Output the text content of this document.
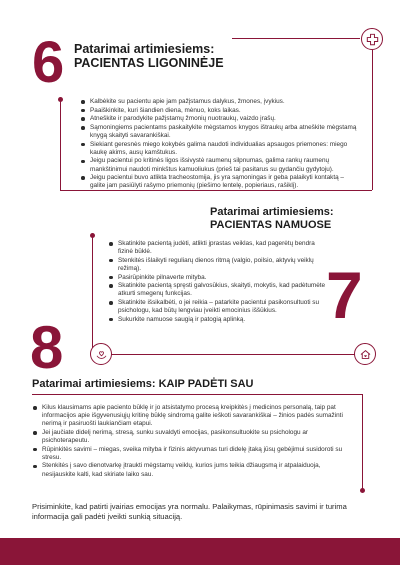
6 Patarimai artimiesiems:
PACIENTAS LIGONINĖJE
Kalbėkite su pacientu apie jam pažįstamus dalykus, žmones, įvykius.
Paaiškinkite, kuri šiandien diena, mėnuo, koks laikas.
Atneškite ir parodykite pažįstamų žmonių nuotraukų, vaizdo įrašų.
Sąmoningiems pacientams paskaitykite mėgstamos knygos ištraukų arba atneškite mėgstamą knygą skaityti savarankiškai.
Siekiant geresnės miego kokybės galima naudoti individualias apsaugos priemones: miego kaukę akims, ausų kamštukus.
Jeigu pacientui po kritinės ligos išsivystė raumenų silpnumas, galima rankų raumenų mankštinimui naudoti minkštus kamuoliukus (prieš tai pasitarus su gydančiu gydytoju).
Jeigu pacientui buvo atlikta tracheostomija, jis yra sąmoningas ir geba palaikyti kontaktą – galite jam pasiūlyti rašymo priemonių (piešimo lentelę, popieriaus, rašiklį).
Patarimai artimiesiems:
PACIENTAS NAMUOSE
7
Skatinkite pacientą judėti, atlikti įprastas veiklas, kad pagerėtų bendra fizinė būklė.
Stenkitės išlaikyti reguliarų dienos ritmą (valgio, poilsio, aktyvių veiklų režimą).
Pasirūpinkite pilnaverte mityba.
Skatinkite pacientą spręsti galvosūkius, skaityti, mokytis, kad padėtumėte atkurti smegenų funkcijas.
Skatinkite išsikalbėti, o jei reikia – patarkite pacientui pasikonsultuoti su psichologu, kad būtų lengviau įveikti emocinius iššūkius.
Sukurkite namuose saugią ir patogią aplinką.
8
Patarimai artimiesiems: KAIP PADĖTI SAU
Kilus klausimams apie paciento būklę ir jo atsistatymo procesą kreipkitės į medicinos personalą, taip pat informacijos apie išgyvenusiųjų kritinę būklę sindromą galite ieškoti savarankiškai – žinios padės sumažinti nerimą ir pasiruošti laukiančiam etapui.
Jei jaučiate didelį nerimą, stresą, sunku suvaldyti emocijas, pasikonsultuokite su psichologu ar psichoterapeutu.
Rūpinkitės savimi – miegas, sveika mityba ir fizinis aktyvumas turi didelę įtaką jūsų gebėjimui susidoroti su stresu.
Stenkitės į savo dienotvarkę įtraukti mėgstamų veiklų, kurios jums teikia džiaugsmą ir atpalaiduoja, nesijauskite kalti, kad skiriate laiko sau.
Prisiminkite, kad patirti įvairias emocijas yra normalu. Palaikymas, rūpinimasis savimi ir turima informacija gali padėti įveikti sunkią situaciją.
